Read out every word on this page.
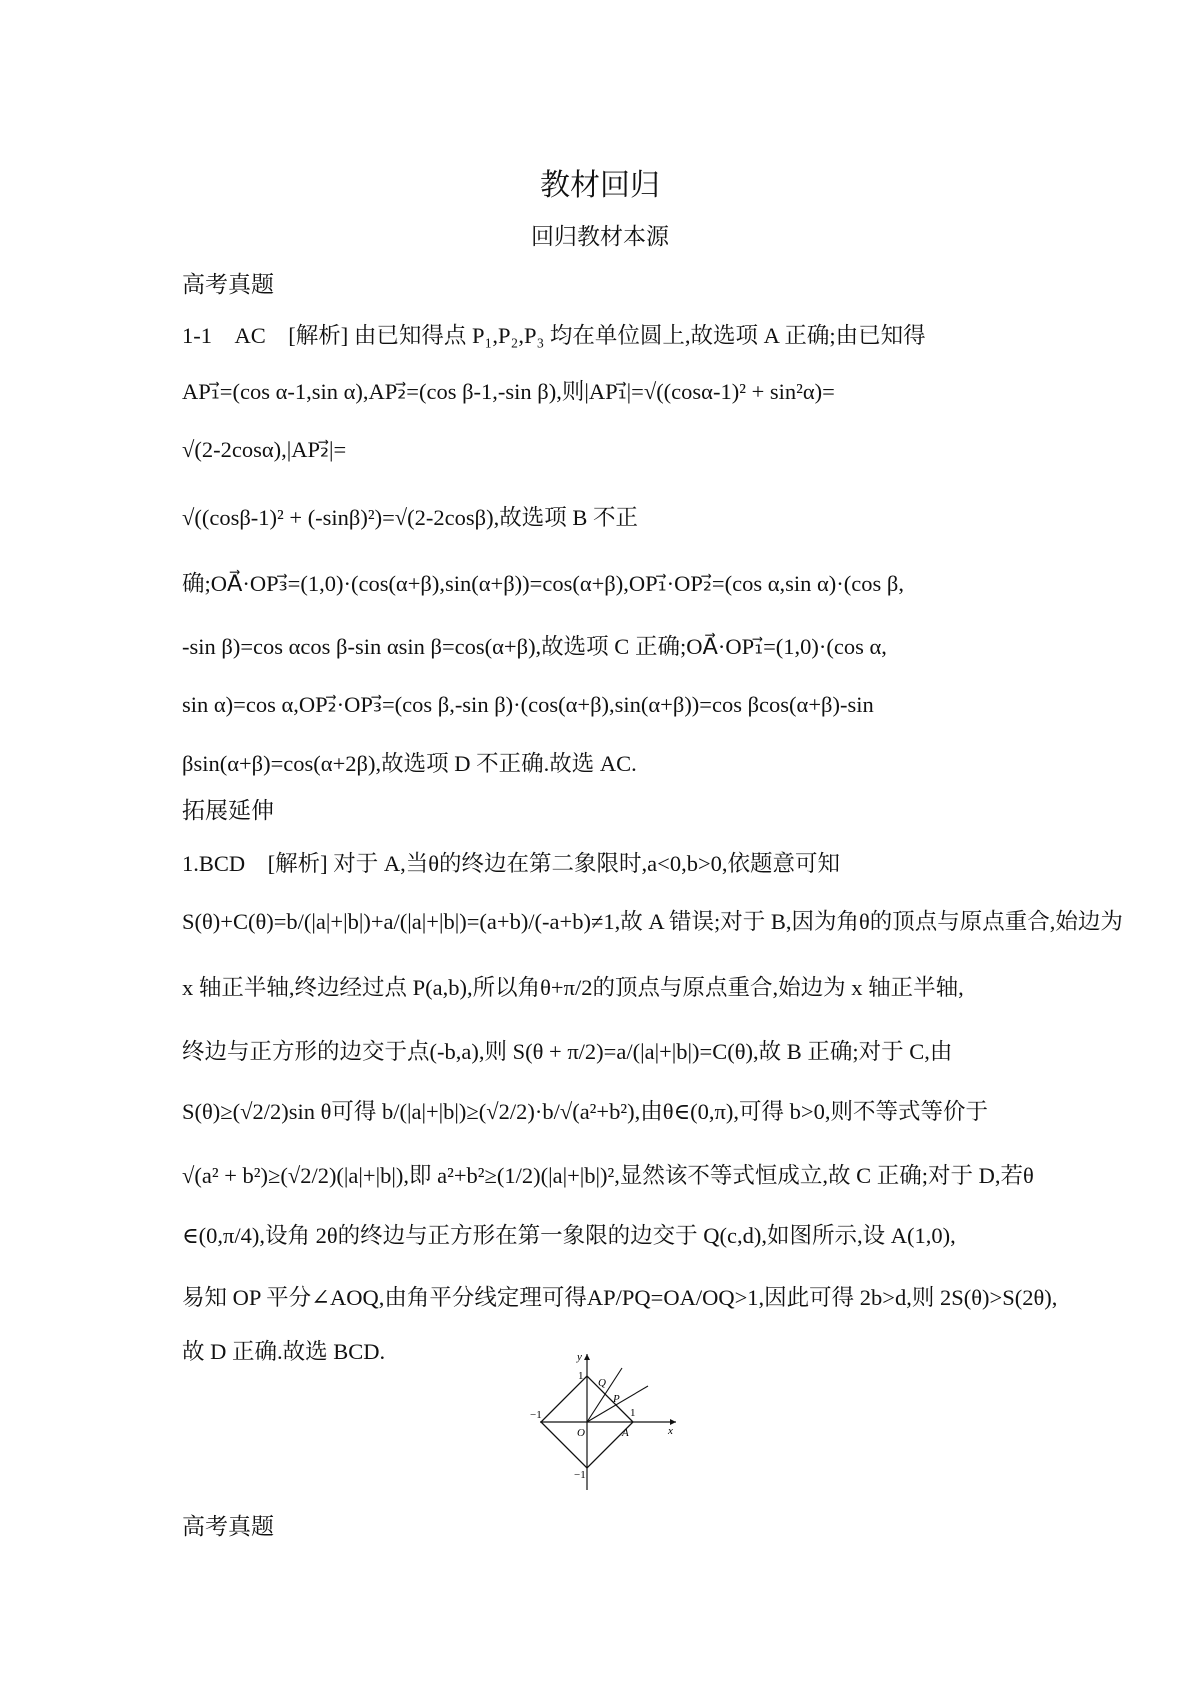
教材回归
回归教材本源
高考真题
1-1　AC　[解析] 由已知得点 P₁,P₂,P₃ 均在单位圆上,故选项 A 正确;由已知得
AP₁⃗=(cos α-1,sin α),AP₂⃗=(cos β-1,-sin β),则|AP₁⃗|=√((cosα-1)² + sin²α)=
√(2-2cosα),|AP₂⃗|=
√((cosβ-1)² + (-sinβ)²)=√(2-2cosβ),故选项 B 不正
确;OA⃗·OP₃⃗=(1,0)·(cos(α+β),sin(α+β))=cos(α+β),OP₁⃗·OP₂⃗=(cos α,sin α)·(cos β,
-sin β)=cos αcos β-sin αsin β=cos(α+β),故选项 C 正确;OA⃗·OP₁⃗=(1,0)·(cos α,
sin α)=cos α,OP₂⃗·OP₃⃗=(cos β,-sin β)·(cos(α+β),sin(α+β))=cos βcos(α+β)-sin
βsin(α+β)=cos(α+2β),故选项 D 不正确.故选 AC.
拓展延伸
1.BCD　[解析] 对于 A,当θ的终边在第二象限时,a<0,b>0,依题意可知
S(θ)+C(θ)=b/(|a|+|b|)+a/(|a|+|b|)=(a+b)/(-a+b)≠1,故 A 错误;对于 B,因为角θ的顶点与原点重合,始边为
x 轴正半轴,终边经过点 P(a,b),所以角θ+π/2的顶点与原点重合,始边为 x 轴正半轴,
终边与正方形的边交于点(-b,a),则 S(θ + π/2)=a/(|a|+|b|)=C(θ),故 B 正确;对于 C,由
S(θ)≥(√2/2)sin θ可得 b/(|a|+|b|)≥(√2/2)·b/√(a²+b²),由θ∈(0,π),可得 b>0,则不等式等价于
√(a² + b²)≥(√2/2)(|a|+|b|),即 a²+b²≥(1/2)(|a|+|b|)²,显然该不等式恒成立,故 C 正确;对于 D,若θ
∈(0,π/4),设角 2θ的终边与正方形在第一象限的边交于 Q(c,d),如图所示,设 A(1,0),
易知 OP 平分∠AOQ,由角平分线定理可得AP/PQ=OA/OQ>1,因此可得 2b>d,则 2S(θ)>S(2θ),
故 D 正确.故选 BCD.	y
x
O
1
1
−1
−1
Q
P
A
高考真题
